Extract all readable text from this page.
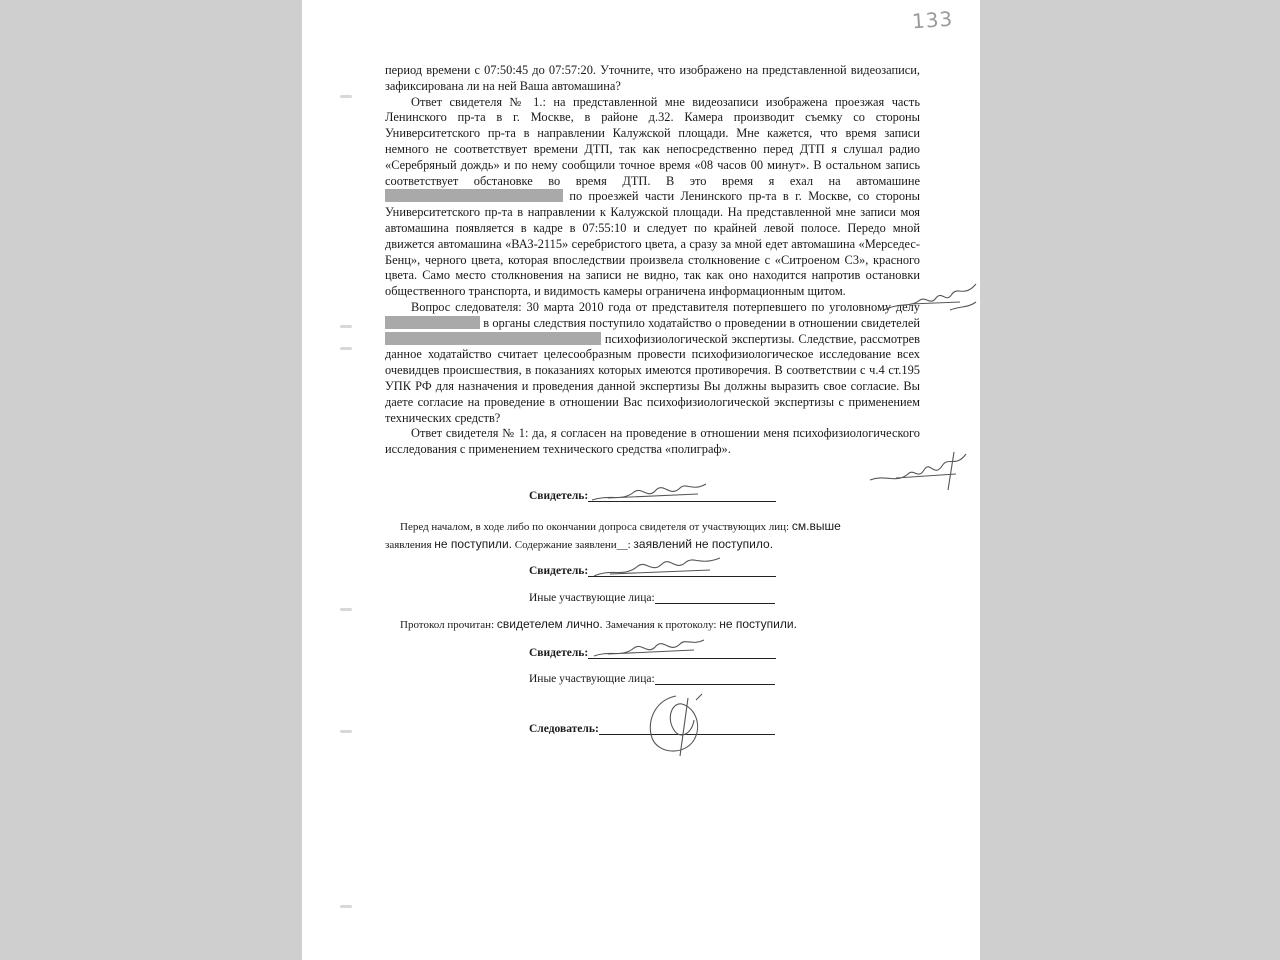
133

период времени с 07:50:45 до 07:57:20. Уточните, что изображено на представленной видеозаписи, зафиксирована ли на ней Ваша автомашина?

Ответ свидетеля № 1.: на представленной мне видеозаписи изображена проезжая часть Ленинского пр-та в г. Москве, в районе д.32. Камера производит съемку со стороны Университетского пр-та в направлении Калужской площади. Мне кажется, что время записи немного не соответствует времени ДТП, так как непосредственно перед ДТП я слушал радио «Серебряный дождь» и по нему сообщили точное время «08 часов 00 минут». В остальном запись соответствует обстановке во время ДТП. В это время я ехал на автомашине  по проезжей части Ленинского пр-та в г. Москве, со стороны Университетского пр-та в направлении к Калужской площади. На представленной мне записи моя автомашина появляется в кадре в 07:55:10 и следует по крайней левой полосе. Передо мной движется автомашина «ВАЗ-2115» серебристого цвета, а сразу за мной едет автомашина «Мерседес-Бенц», черного цвета, которая впоследствии произвела столкновение с «Ситроеном С3», красного цвета. Само место столкновения на записи не видно, так как оно находится напротив остановки общественного транспорта, и видимость камеры ограничена информационным щитом.

Вопрос следователя: 30 марта 2010 года от представителя потерпевшего по уголовному делу  в органы следствия поступило ходатайство о проведении в отношении свидетелей  психофизиологической экспертизы. Следствие, рассмотрев данное ходатайство считает целесообразным провести психофизиологическое исследование всех очевидцев происшествия, в показаниях которых имеются противоречия. В соответствии с ч.4 ст.195 УПК РФ для назначения и проведения данной экспертизы Вы должны выразить свое согласие. Вы даете согласие на проведение в отношении Вас психофизиологической экспертизы с применением технических средств?

Ответ свидетеля № 1: да, я согласен на проведение в отношении меня психофизиологического исследования с применением технического средства «полиграф».

Свидетель:
Перед началом, в ходе либо по окончании допроса свидетеля от участвующих лиц: см.выше
заявления не поступили. Содержание заявлени__: заявлений не поступило.
Свидетель:
Иные участвующие лица:
Протокол прочитан: свидетелем лично. Замечания к протоколу: не поступили.
Свидетель:
Иные участвующие лица:
Следователь:
